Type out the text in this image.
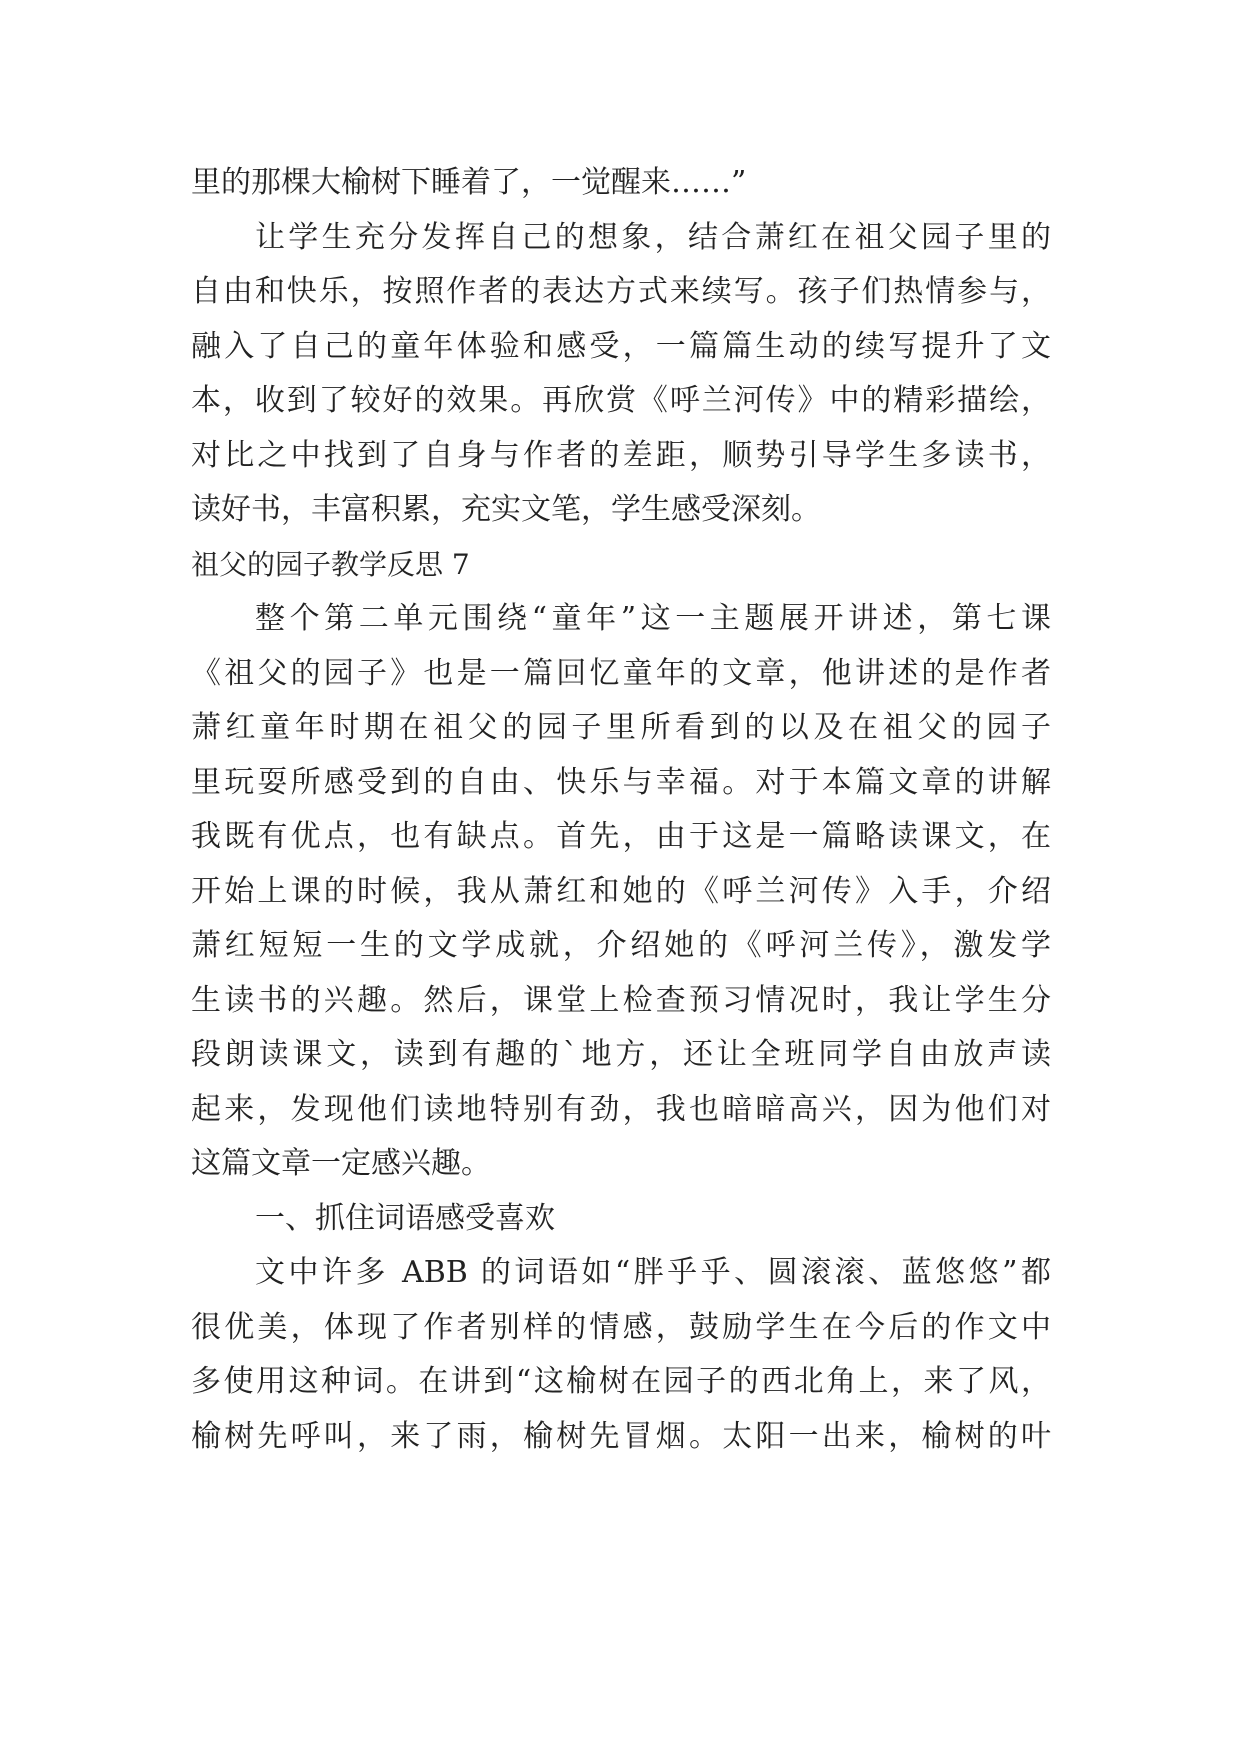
里的那棵大榆树下睡着了，一觉醒来……”
让学生充分发挥自己的想象，结合萧红在祖父园子里的
自由和快乐，按照作者的表达方式来续写。孩子们热情参与，
融入了自己的童年体验和感受，一篇篇生动的续写提升了文
本，收到了较好的效果。再欣赏《呼兰河传》中的精彩描绘，
对比之中找到了自身与作者的差距，顺势引导学生多读书，
读好书，丰富积累，充实文笔，学生感受深刻。
祖父的园子教学反思 7
整个第二单元围绕“童年”这一主题展开讲述，第七课
《祖父的园子》也是一篇回忆童年的文章，他讲述的是作者
萧红童年时期在祖父的园子里所看到的以及在祖父的园子
里玩耍所感受到的自由、快乐与幸福。对于本篇文章的讲解
我既有优点，也有缺点。首先，由于这是一篇略读课文，在
开始上课的时候，我从萧红和她的《呼兰河传》入手，介绍
萧红短短一生的文学成就，介绍她的《呼河兰传》，激发学
生读书的兴趣。然后，课堂上检查预习情况时，我让学生分
段朗读课文，读到有趣的`地方，还让全班同学自由放声读
起来，发现他们读地特别有劲，我也暗暗高兴，因为他们对
这篇文章一定感兴趣。
一、抓住词语感受喜欢
文中许多 ABB 的词语如“胖乎乎、圆滚滚、蓝悠悠”都
很优美，体现了作者别样的情感，鼓励学生在今后的作文中
多使用这种词。在讲到“这榆树在园子的西北角上，来了风，
榆树先呼叫，来了雨，榆树先冒烟。太阳一出来，榆树的叶
